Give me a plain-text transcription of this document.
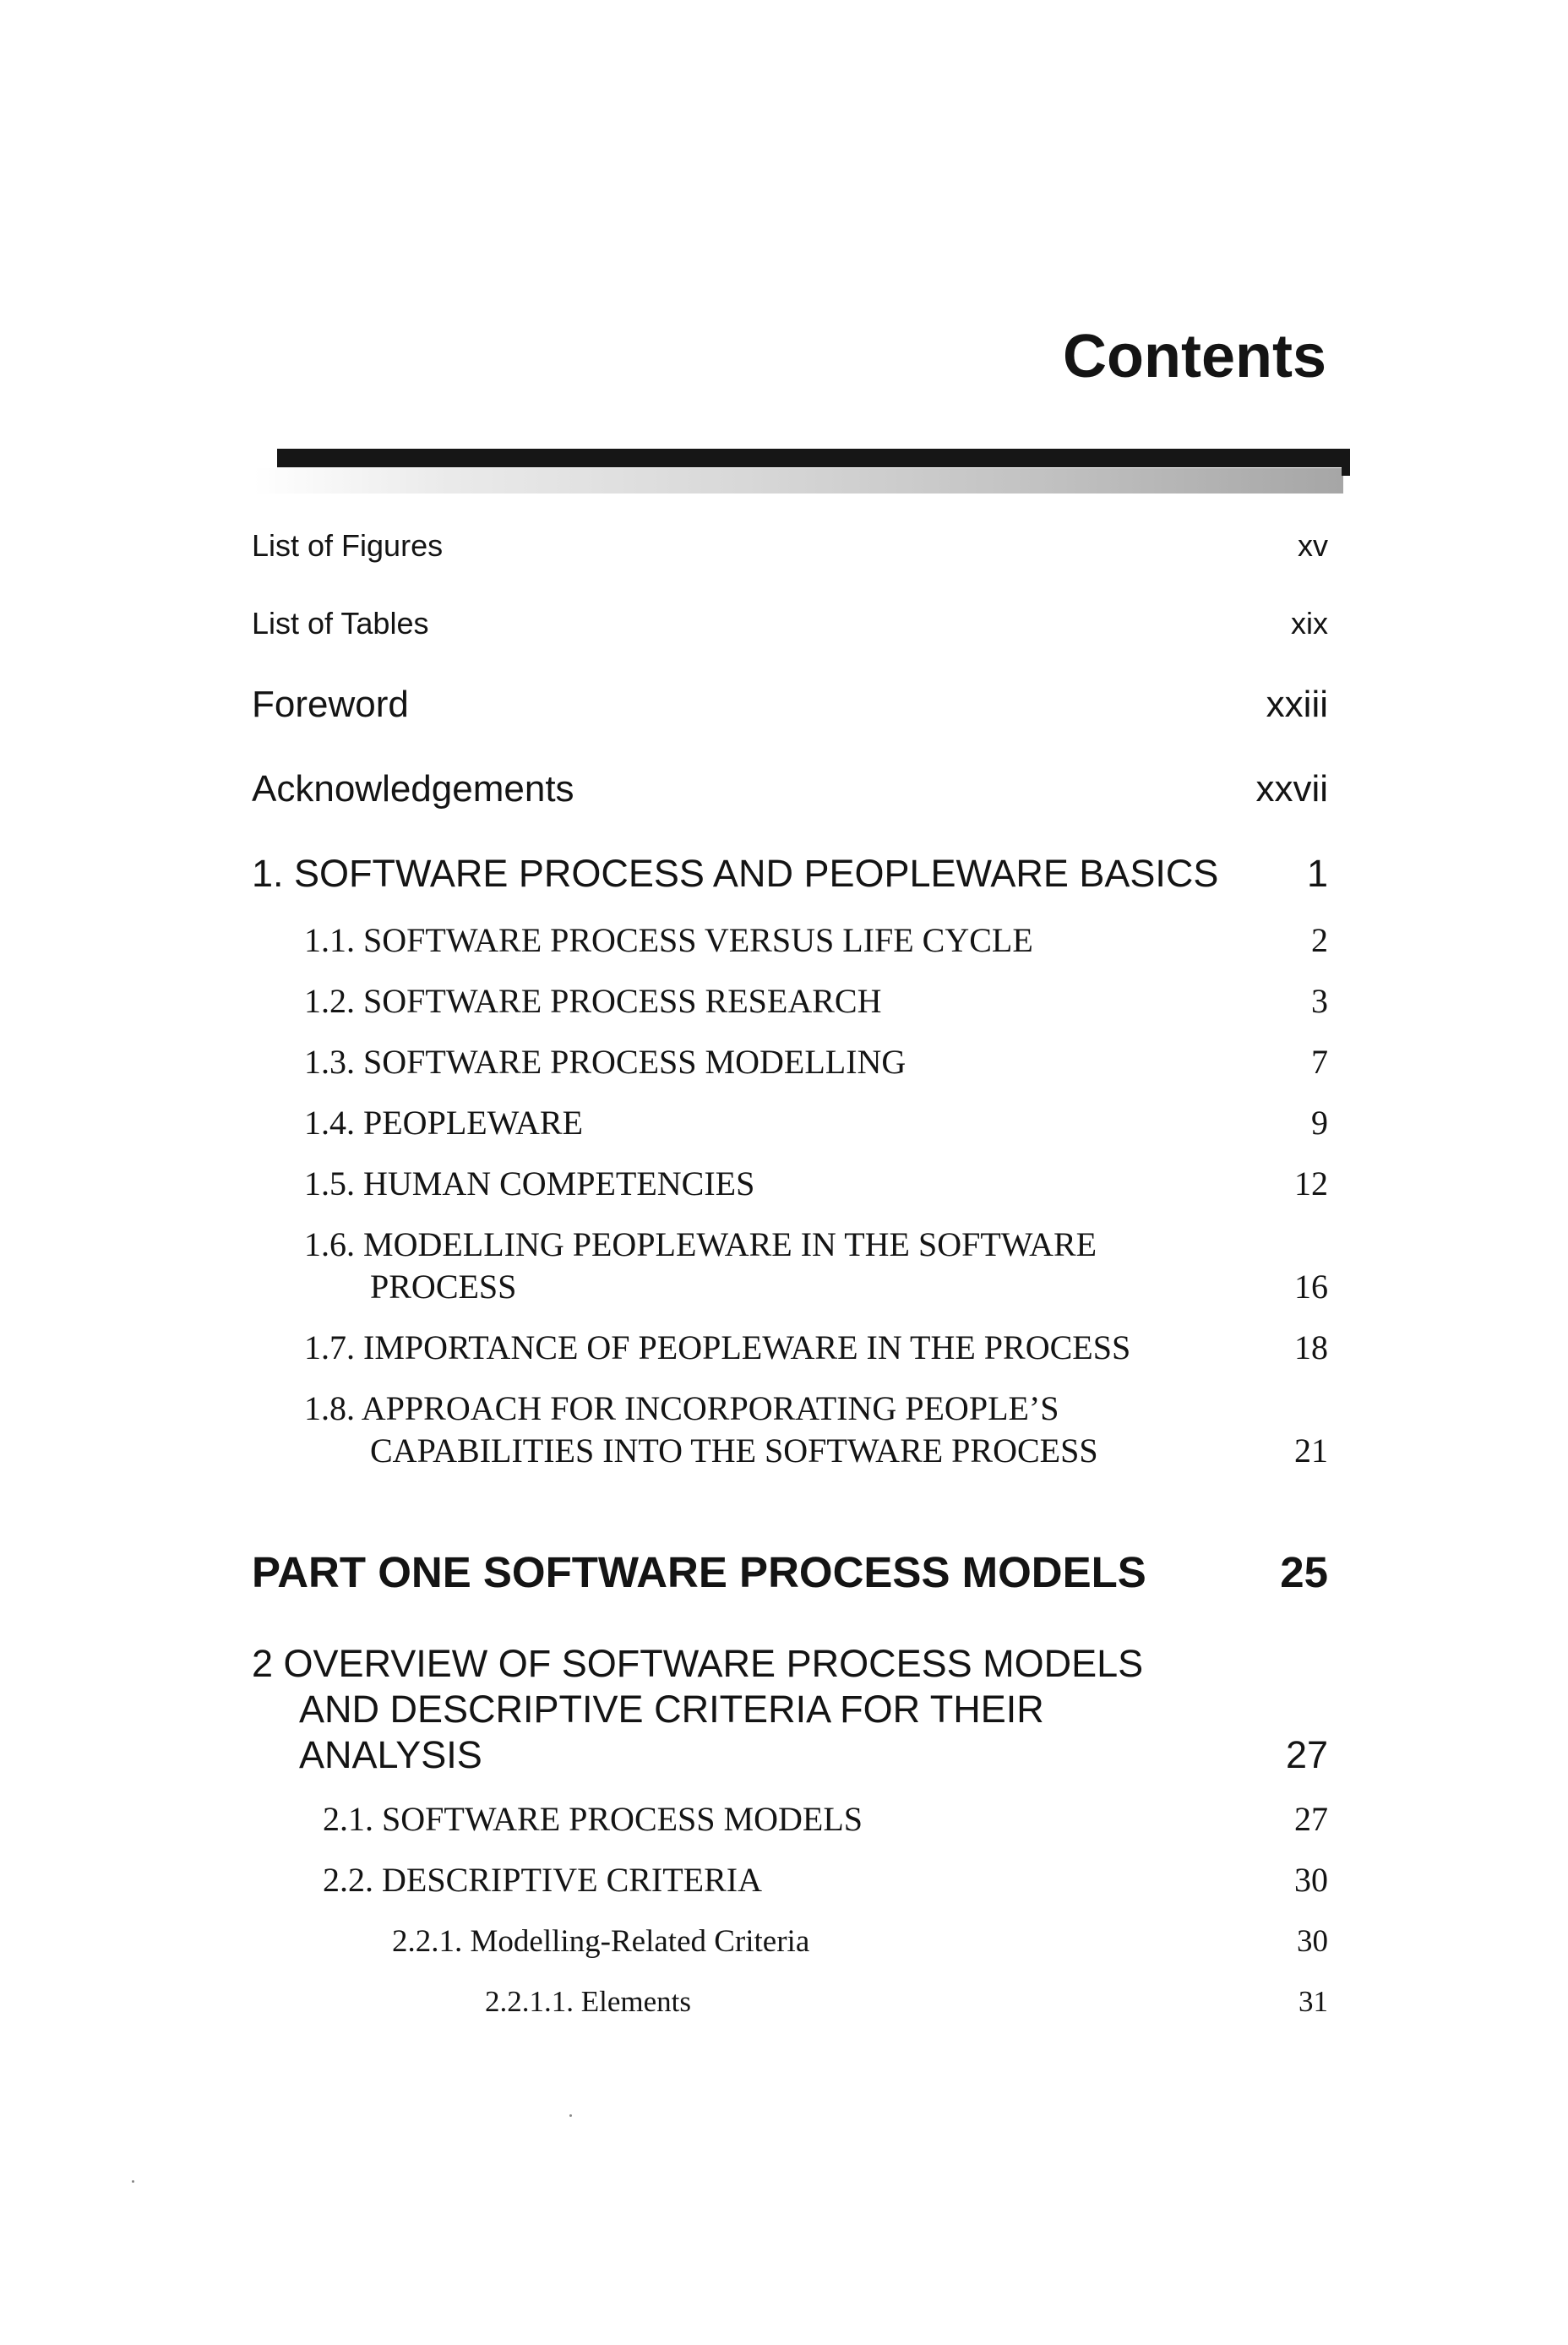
Contents
List of Figures	xv
List of Tables	xix
Foreword	xxiii
Acknowledgements	xxvii
1. SOFTWARE PROCESS AND PEOPLEWARE BASICS	1
1.1. SOFTWARE PROCESS VERSUS LIFE CYCLE	2
1.2. SOFTWARE PROCESS RESEARCH	3
1.3. SOFTWARE PROCESS MODELLING	7
1.4. PEOPLEWARE	9
1.5. HUMAN COMPETENCIES	12
1.6. MODELLING PEOPLEWARE IN THE SOFTWARE
PROCESS	16
1.7. IMPORTANCE OF PEOPLEWARE IN THE PROCESS	18
1.8. APPROACH FOR INCORPORATING PEOPLE’S
CAPABILITIES INTO THE SOFTWARE PROCESS	21
PART ONE SOFTWARE PROCESS MODELS	25
2 OVERVIEW OF SOFTWARE PROCESS MODELS
AND DESCRIPTIVE CRITERIA FOR THEIR
ANALYSIS	27
2.1. SOFTWARE PROCESS MODELS	27
2.2. DESCRIPTIVE CRITERIA	30
2.2.1. Modelling-Related Criteria	30
2.2.1.1. Elements	31
